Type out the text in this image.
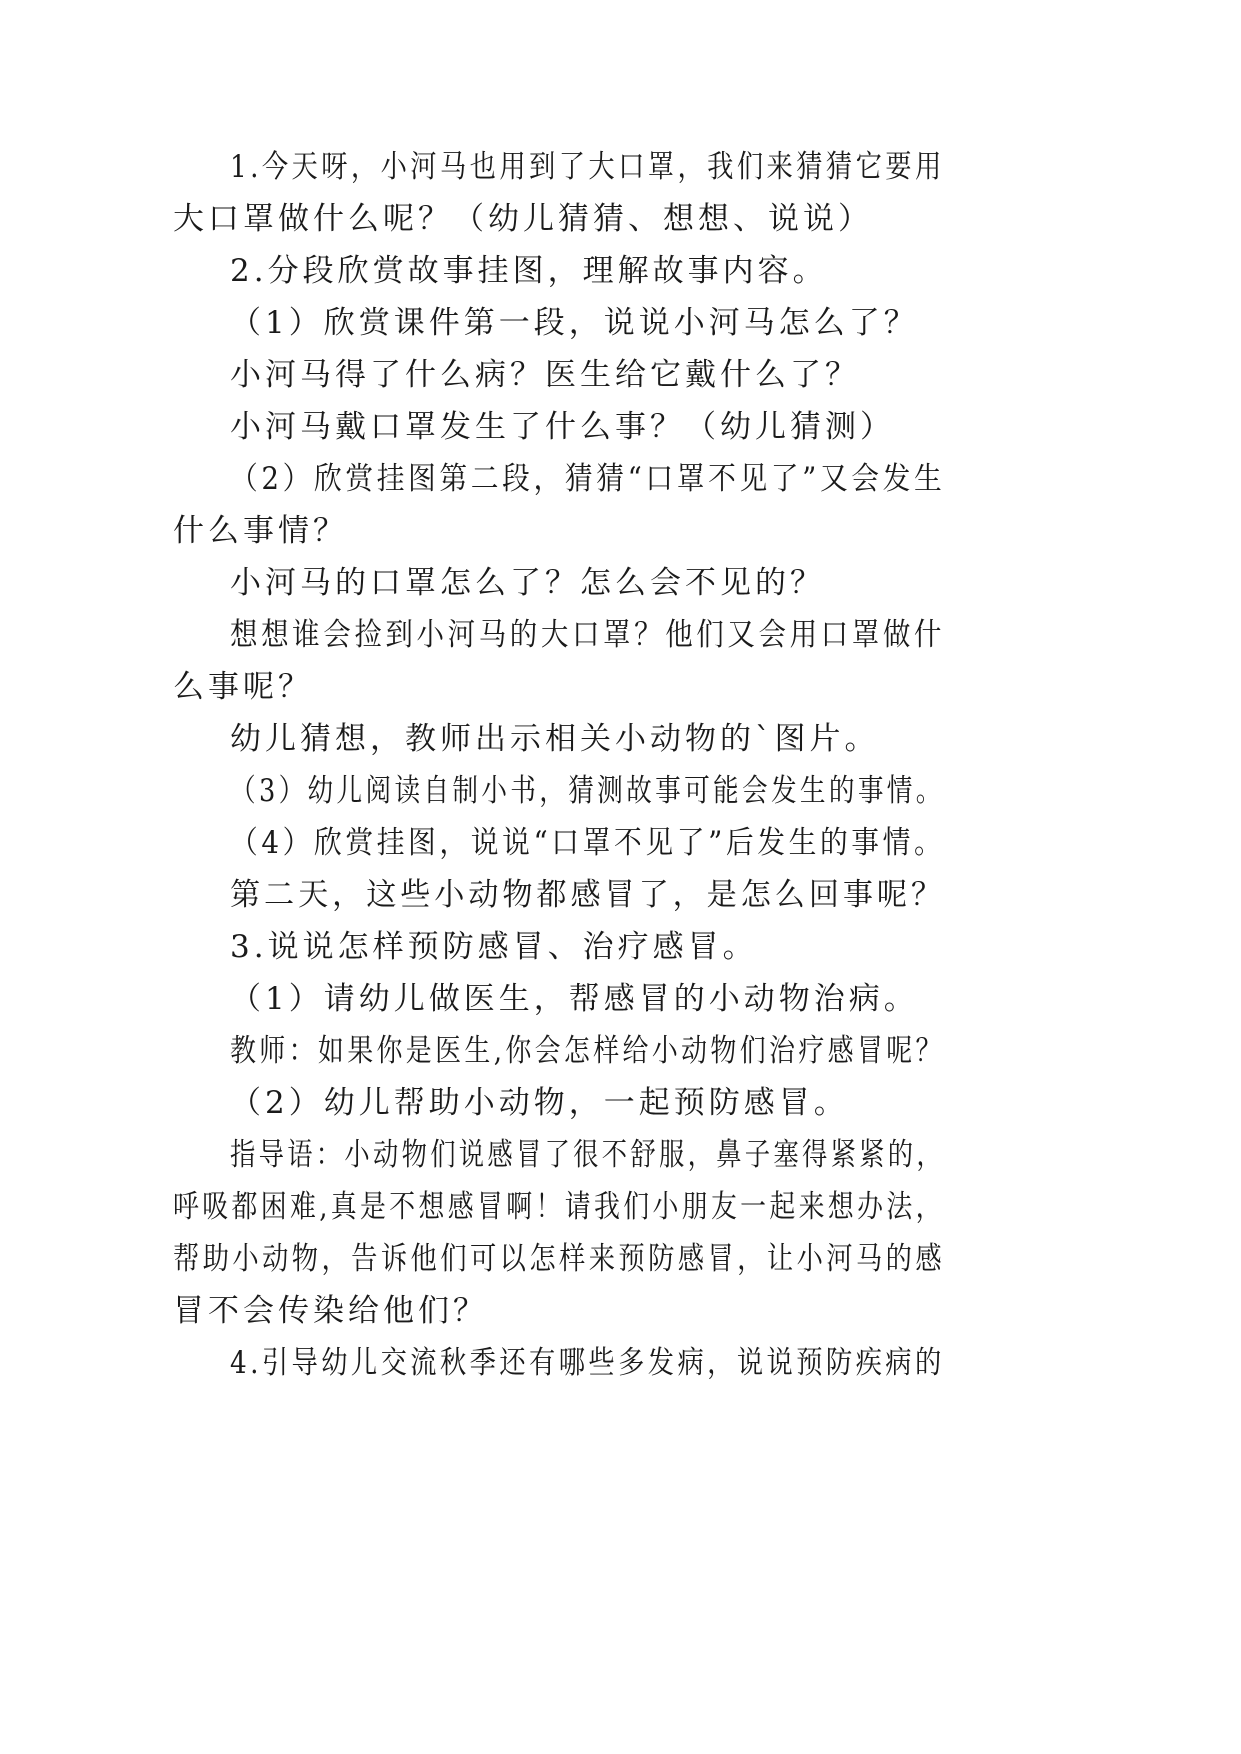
1.今天呀，小河马也用到了大口罩，我们来猜猜它要用
大口罩做什么呢？（幼儿猜猜、想想、说说）
2.分段欣赏故事挂图，理解故事内容。
（1）欣赏课件第一段，说说小河马怎么了？
小河马得了什么病？医生给它戴什么了？
小河马戴口罩发生了什么事？（幼儿猜测）
（2）欣赏挂图第二段，猜猜“口罩不见了”又会发生
什么事情？
小河马的口罩怎么了？怎么会不见的？
想想谁会捡到小河马的大口罩？他们又会用口罩做什
么事呢？
幼儿猜想，教师出示相关小动物的`图片。
（3）幼儿阅读自制小书，猜测故事可能会发生的事情。
（4）欣赏挂图，说说“口罩不见了”后发生的事情。
第二天，这些小动物都感冒了，是怎么回事呢？
3.说说怎样预防感冒、治疗感冒。
（1）请幼儿做医生，帮感冒的小动物治病。
教师：如果你是医生,你会怎样给小动物们治疗感冒呢？
（2）幼儿帮助小动物，一起预防感冒。
指导语：小动物们说感冒了很不舒服，鼻子塞得紧紧的，
呼吸都困难,真是不想感冒啊！请我们小朋友一起来想办法，
帮助小动物，告诉他们可以怎样来预防感冒，让小河马的感
冒不会传染给他们？
4.引导幼儿交流秋季还有哪些多发病，说说预防疾病的
